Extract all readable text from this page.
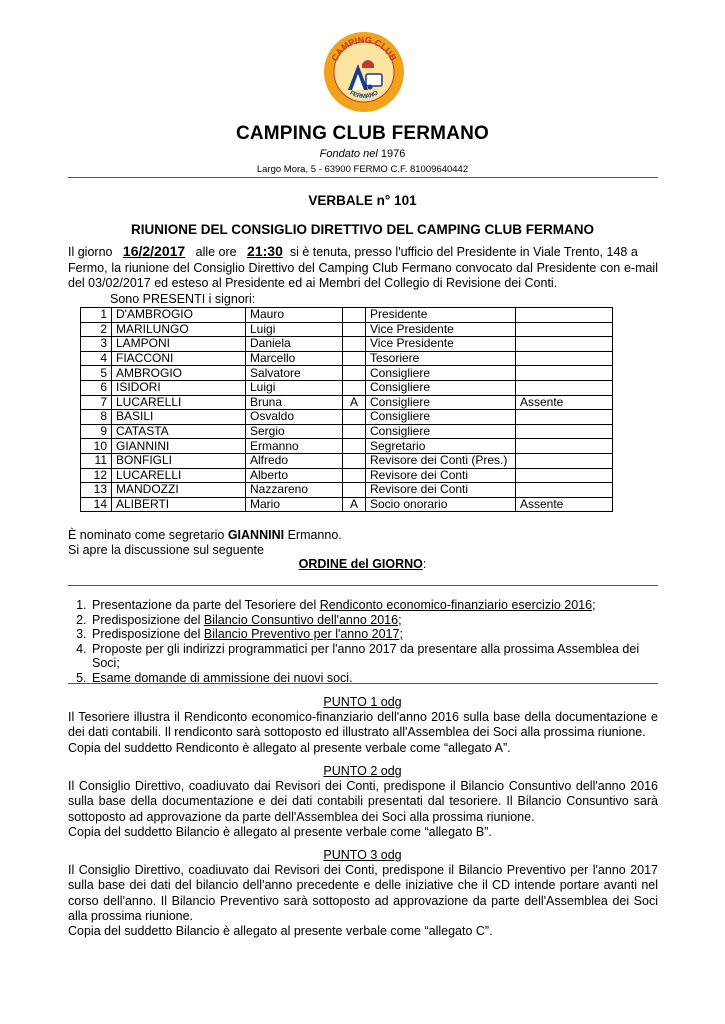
CAMPING CLUB
FERMANO
CAMPING CLUB FERMANO
Fondato nel 1976
Largo Mora, 5 - 63900 FERMO C.F. 81009640442
VERBALE n° 101
RIUNIONE DEL CONSIGLIO DIRETTIVO DEL CAMPING CLUB FERMANO
Il giorno 16/2/2017 alle ore 21:30 si è tenuta, presso l'ufficio del Presidente in Viale Trento, 148 a
Fermo, la riunione del Consiglio Direttivo del Camping Club Fermano convocato dal Presidente con e-mail del 03/02/2017 ed esteso al Presidente ed ai Membri del Collegio di Revisione dei Conti.
Sono PRESENTI i signori:
1	D'AMBROGIO	Mauro		Presidente	
2	MARILUNGO	Luigi		Vice Presidente	
3	LAMPONI	Daniela		Vice Presidente	
4	FIACCONI	Marcello		Tesoriere	
5	AMBROGIO	Salvatore		Consigliere	
6	ISIDORI	Luigi		Consigliere	
7	LUCARELLI	Bruna	A	Consigliere	Assente
8	BASILI	Osvaldo		Consigliere	
9	CATASTA	Sergio		Consigliere	
10	GIANNINI	Ermanno		Segretario	
11	BONFIGLI	Alfredo		Revisore dei Conti (Pres.)	
12	LUCARELLI	Alberto		Revisore dei Conti	
13	MANDOZZI	Nazzareno		Revisore dei Conti	
14	ALIBERTI	Mario	A	Socio onorario	Assente
È nominato come segretario GIANNINI Ermanno.
Si apre la discussione sul seguente
ORDINE del GIORNO:
1. Presentazione da parte del Tesoriere del Rendiconto economico-finanziario esercizio 2016;
2. Predisposizione del Bilancio Consuntivo dell'anno 2016;
3. Predisposizione del Bilancio Preventivo per l'anno 2017;
4. Proposte per gli indirizzi programmatici per l'anno 2017 da presentare alla prossima Assemblea dei Soci;
5. Esame domande di ammissione dei nuovi soci.
PUNTO 1 odg
Il Tesoriere illustra il Rendiconto economico-finanziario dell'anno 2016 sulla base della documentazione e dei dati contabili. Il rendiconto sarà sottoposto ed illustrato all'Assemblea dei Soci alla prossima riunione.
Copia del suddetto Rendiconto è allegato al presente verbale come “allegato A”.
PUNTO 2 odg
Il Consiglio Direttivo, coadiuvato dai Revisori dei Conti, predispone il Bilancio Consuntivo dell'anno 2016 sulla base della documentazione e dei dati contabili presentati dal tesoriere. Il Bilancio Consuntivo sarà sottoposto ad approvazione da parte dell'Assemblea dei Soci alla prossima riunione.
Copia del suddetto Bilancio è allegato al presente verbale come “allegato B”.
PUNTO 3 odg
Il Consiglio Direttivo, coadiuvato dai Revisori dei Conti, predispone il Bilancio Preventivo per l'anno 2017 sulla base dei dati del bilancio dell'anno precedente e delle iniziative che il CD intende portare avanti nel corso dell'anno. Il Bilancio Preventivo sarà sottoposto ad approvazione da parte dell'Assemblea dei Soci alla prossima riunione.
Copia del suddetto Bilancio è allegato al presente verbale come “allegato C”.
